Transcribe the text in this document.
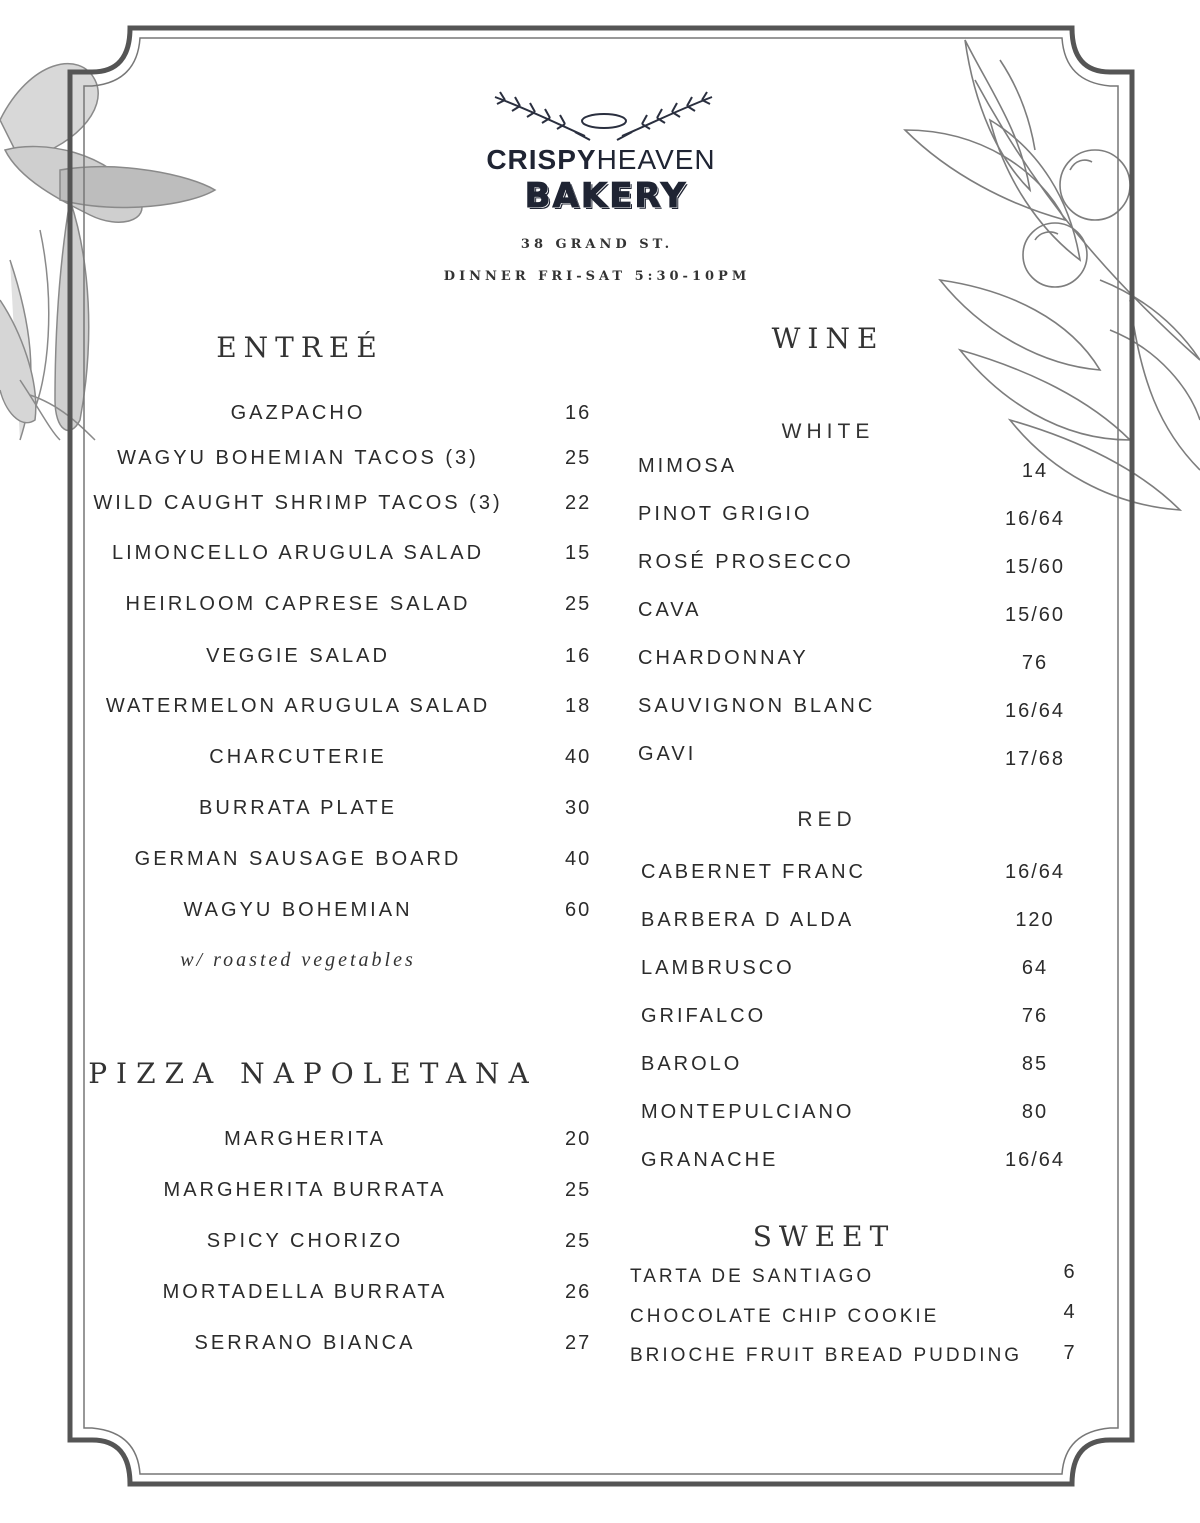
CRISPYHEAVEN
BAKERY
38 GRAND ST.
DINNER FRI-SAT 5:30-10PM
ENTREÉ
GAZPACHO	16
WAGYU BOHEMIAN TACOS (3)	25
WILD CAUGHT SHRIMP TACOS (3)	22
LIMONCELLO ARUGULA SALAD	15
HEIRLOOM CAPRESE SALAD	25
VEGGIE SALAD	16
WATERMELON ARUGULA SALAD	18
CHARCUTERIE	40
BURRATA PLATE	30
GERMAN SAUSAGE BOARD	40
WAGYU BOHEMIAN	60
w/ roasted vegetables
PIZZA NAPOLETANA
MARGHERITA	20
MARGHERITA BURRATA	25
SPICY CHORIZO	25
MORTADELLA BURRATA	26
SERRANO BIANCA	27
WINE
WHITE
MIMOSA	14
PINOT GRIGIO	16/64
ROSÉ PROSECCO	15/60
CAVA	15/60
CHARDONNAY	76
SAUVIGNON BLANC	16/64
GAVI	17/68
RED
CABERNET FRANC	16/64
BARBERA D ALDA	120
LAMBRUSCO	64
GRIFALCO	76
BAROLO	85
MONTEPULCIANO	80
GRANACHE	16/64
SWEET
TARTA DE SANTIAGO	6
CHOCOLATE CHIP COOKIE	4
BRIOCHE FRUIT BREAD PUDDING 7
